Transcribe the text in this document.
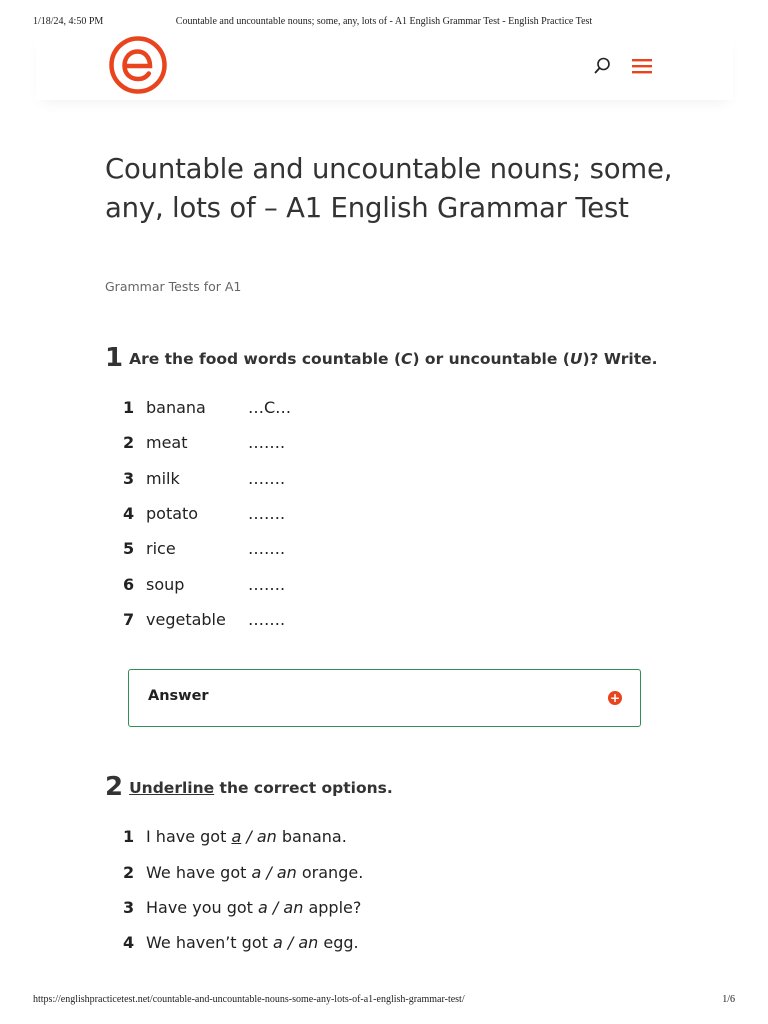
1/18/24, 4:50 PM	Countable and uncountable nouns; some, any, lots of - A1 English Grammar Test - English Practice Test
Countable and uncountable nouns; some, any, lots of – A1 English Grammar Test
Grammar Tests for A1
1 Are the food words countable (C) or uncountable (U)? Write.
1 banana	…C…
2 meat	…….
3 milk	…….
4 potato	…….
5 rice	…….
6 soup	…….
7 vegetable …….
Answer	+
2 Underline the correct options.
1 I have got a / an banana.
2 We have got a / an orange.
3 Have you got a / an apple?
4 We haven’t got a / an egg.
https://englishpracticetest.net/countable-and-uncountable-nouns-some-any-lots-of-a1-english-grammar-test/	1/6
